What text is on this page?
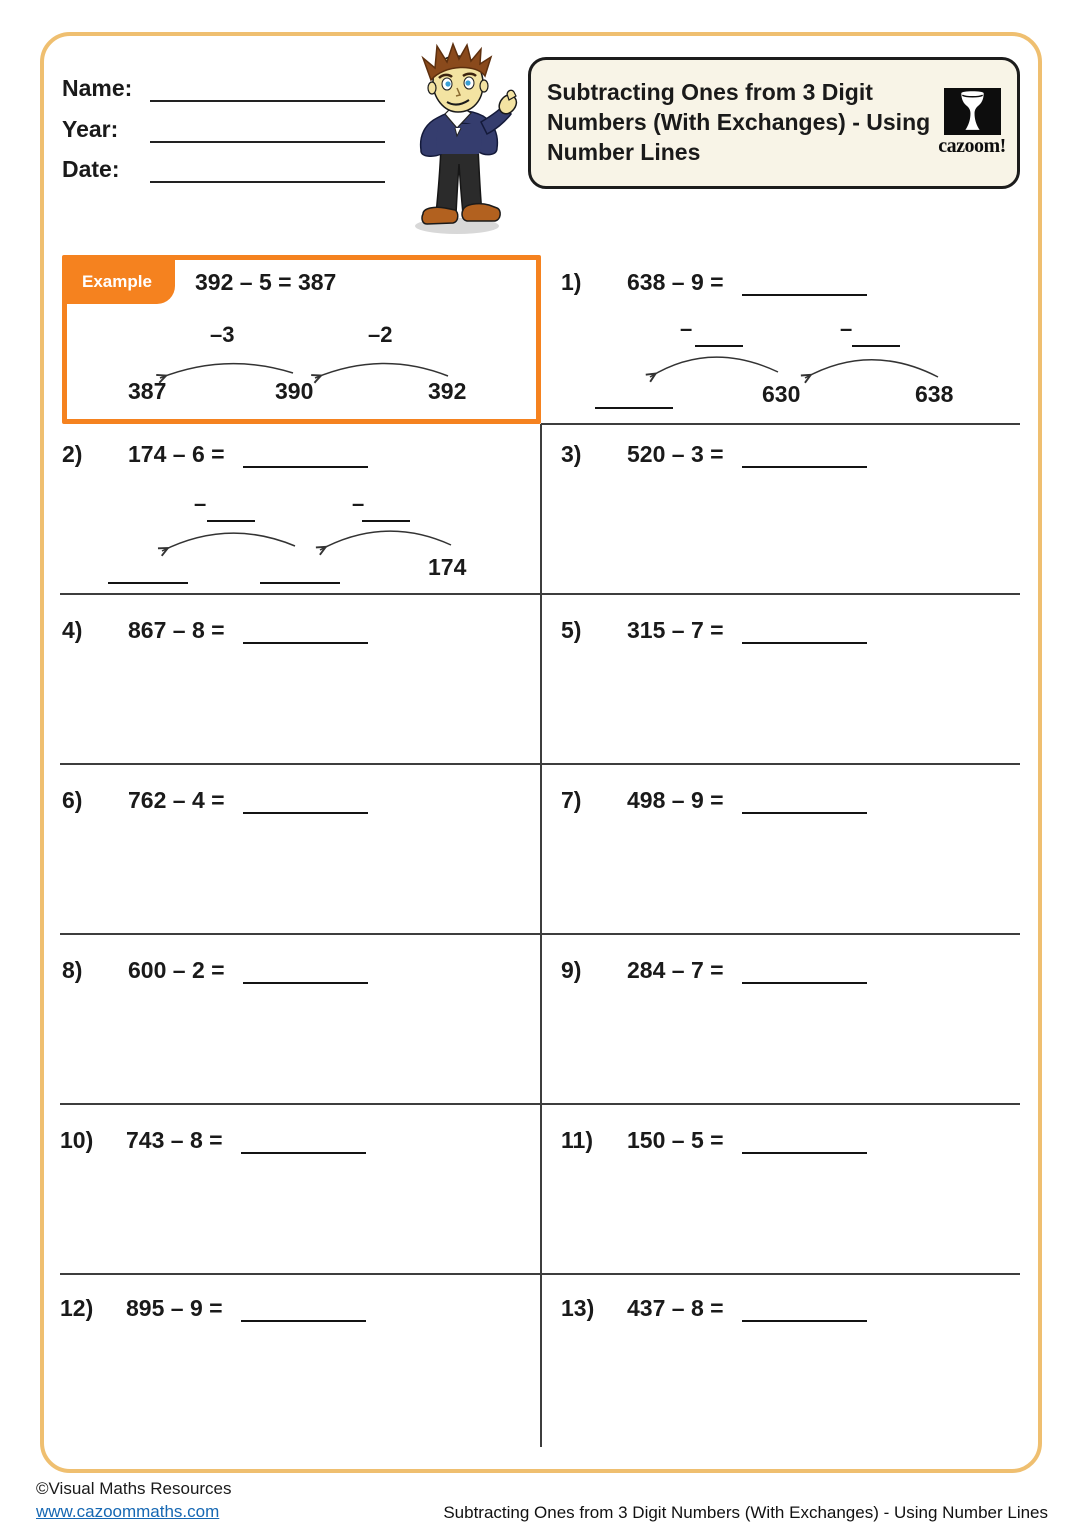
Name:
Year:
Date:
Subtracting Ones from 3 Digit Numbers (With Exchanges) - Using Number Lines	cazoom!
Example	392 – 5 = 387
–3	–2
387	390	392
1)	638 – 9 =
–	–
630	638
2)	174 – 6 =
–	–
174
3)	520 – 3 =
4)	867 – 8 =	5)	315 – 7 =
6)	762 – 4 =	7)	498 – 9 =
8)	600 – 2 =	9)	284 – 7 =
10)	743 – 8 =	11)	150 – 5 =
12)	895 – 9 =	13)	437 – 8 =
©Visual Maths Resources
www.cazoommaths.com	Subtracting Ones from 3 Digit Numbers (With Exchanges) - Using Number Lines
